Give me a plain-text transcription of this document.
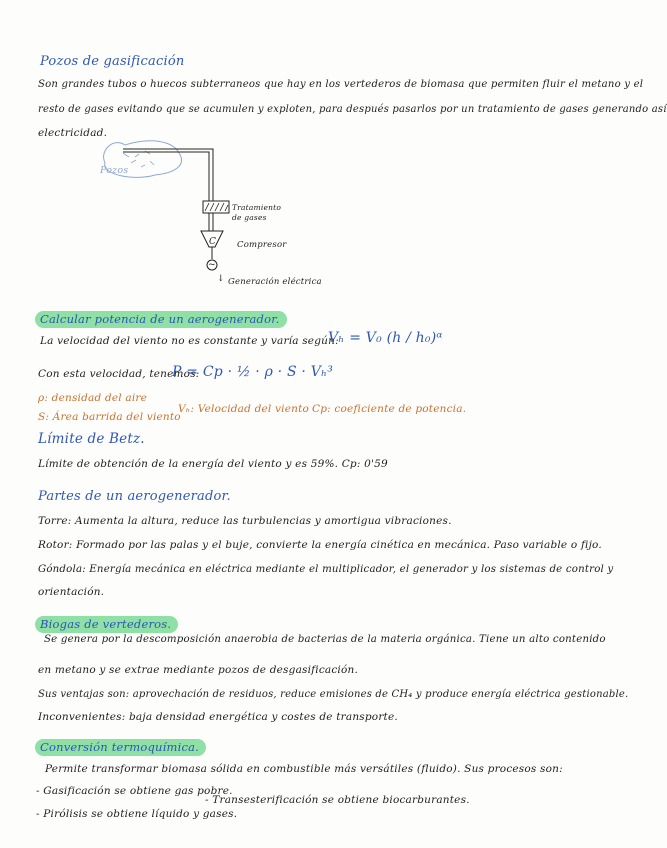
Pozos de gasificación
Son grandes tubos o huecos subterraneos que hay en los vertederos de biomasa que permiten fluir el metano y el
resto de gases evitando que se acumulen y exploten, para después pasarlos por un tratamiento de gases generando así
electricidad.
Pozos
Tratamiento de gases
C Compresor
~
↓ Generación eléctrica
Calcular potencia de un aerogenerador.
La velocidad del viento no es constante y varía según:
Vₕ = V₀ (h / h₀)ᵅ
Con esta velocidad, tenemos:
P = Cp · ½ · ρ · S · Vₕ³
ρ: densidad del aire
S: Área barrida del viento
Vₕ: Velocidad del viento Cp: coeficiente de potencia.
Límite de Betz.
Límite de obtención de la energía del viento y es 59%. Cp: 0'59
Partes de un aerogenerador.
Torre: Aumenta la altura, reduce las turbulencias y amortigua vibraciones.
Rotor: Formado por las palas y el buje, convierte la energía cinética en mecánica. Paso variable o fijo.
Góndola: Energía mecánica en eléctrica mediante el multiplicador, el generador y los sistemas de control y
orientación.
Biogas de vertederos.
Se genera por la descomposición anaerobia de bacterias de la materia orgánica. Tiene un alto contenido
en metano y se extrae mediante pozos de desgasificación.
Sus ventajas son: aprovechación de residuos, reduce emisiones de CH₄ y produce energía eléctrica gestionable.
Inconvenientes: baja densidad energética y costes de transporte.
Conversión termoquímica.
Permite transformar biomasa sólida en combustible más versátiles (fluido). Sus procesos son:
- Gasificación se obtiene gas pobre.
- Pirólisis se obtiene líquido y gases.
- Transesterificación se obtiene biocarburantes.
